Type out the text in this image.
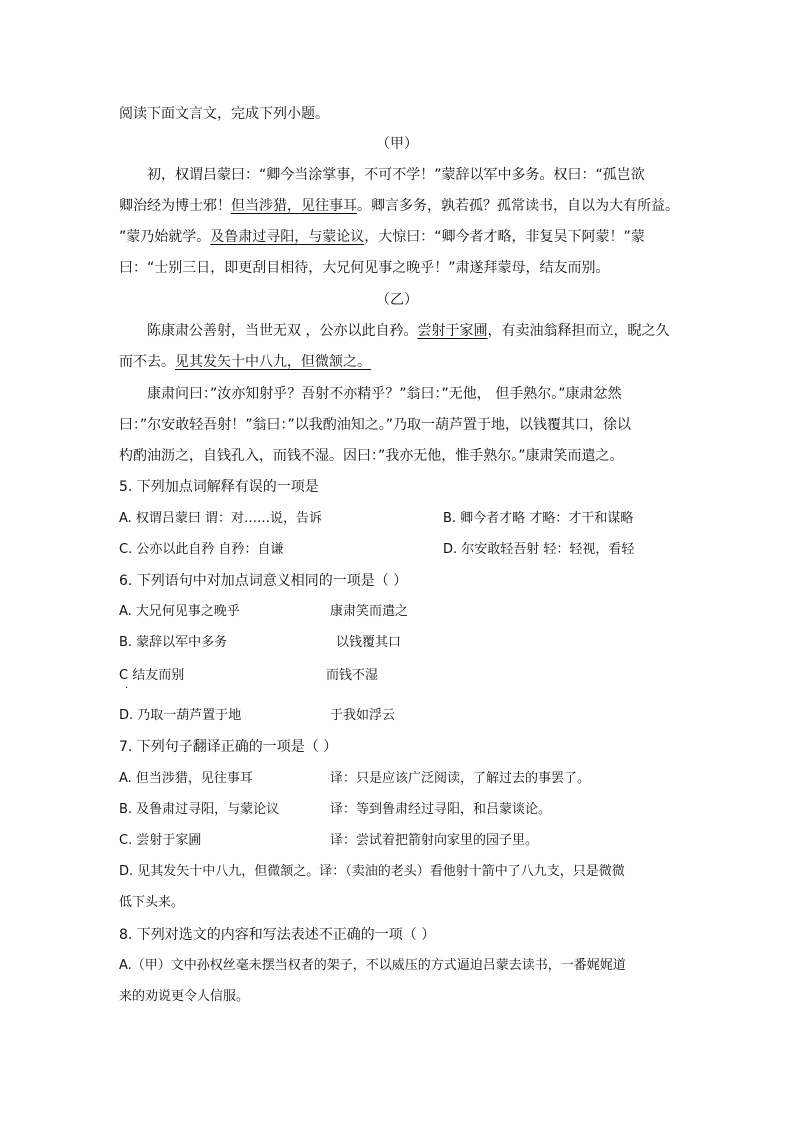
阅读下面文言文，完成下列小题。
（甲）
初，权谓吕蒙曰：“卿今当涂掌事，不可不学！”蒙辞以军中多务。权曰：“孤岂欲
卿治经为博士邪！但当涉猎，见往事耳。卿言多务，孰若孤？孤常读书，自以为大有所益。
”蒙乃始就学。及鲁肃过寻阳，与蒙论议，大惊曰：“卿今者才略，非复吴下阿蒙！”蒙
曰：“士别三日，即更刮目相待，大兄何见事之晚乎！”肃遂拜蒙母，结友而别。
（乙）
陈康肃公善射，当世无双 ，公亦以此自矜。尝射于家圃，有卖油翁释担而立，睨之久
而不去。见其发矢十中八九，但微颔之。
康肃问曰：”汝亦知射乎？吾射不亦精乎？”翁曰：”无他， 但手熟尔。”康肃忿然
曰：”尔安敢轻吾射！”翁曰：”以我酌油知之。”乃取一葫芦置于地，以钱覆其口，徐以
杓酌油沥之，自钱孔入，而钱不湿。因曰：”我亦无他，惟手熟尔。”康肃笑而遣之。
5. 下列加点词解释有误的一项是
A. 权谓吕蒙曰 谓：对……说，告诉	B. 卿今者才略 才略：才干和谋略
C. 公亦以此自矜 自矜：自谦	D. 尔安敢轻吾射 轻：轻视，看轻
6. 下列语句中对加点词意义相同的一项是（ ）
A. 大兄何见事之晚乎	康肃笑而遣之
B. 蒙辞以军中多务	以钱覆其口
C 结友而别	而钱不湿
·
D. 乃取一葫芦置于地	于我如浮云
7. 下列句子翻译正确的一项是（ ）
A. 但当涉猎，见往事耳	译：只是应该广泛阅读，了解过去的事罢了。
B. 及鲁肃过寻阳，与蒙论议	译：等到鲁肃经过寻阳，和吕蒙谈论。
C. 尝射于家圃	译：尝试着把箭射向家里的园子里。
D. 见其发矢十中八九，但微颔之。译：（卖油的老头）看他射十箭中了八九支，只是微微
低下头来。
8. 下列对选文的内容和写法表述不正确的一项（ ）
A.（甲）文中孙权丝毫未摆当权者的架子，不以威压的方式逼迫吕蒙去读书，一番娓娓道
来的劝说更令人信服。
